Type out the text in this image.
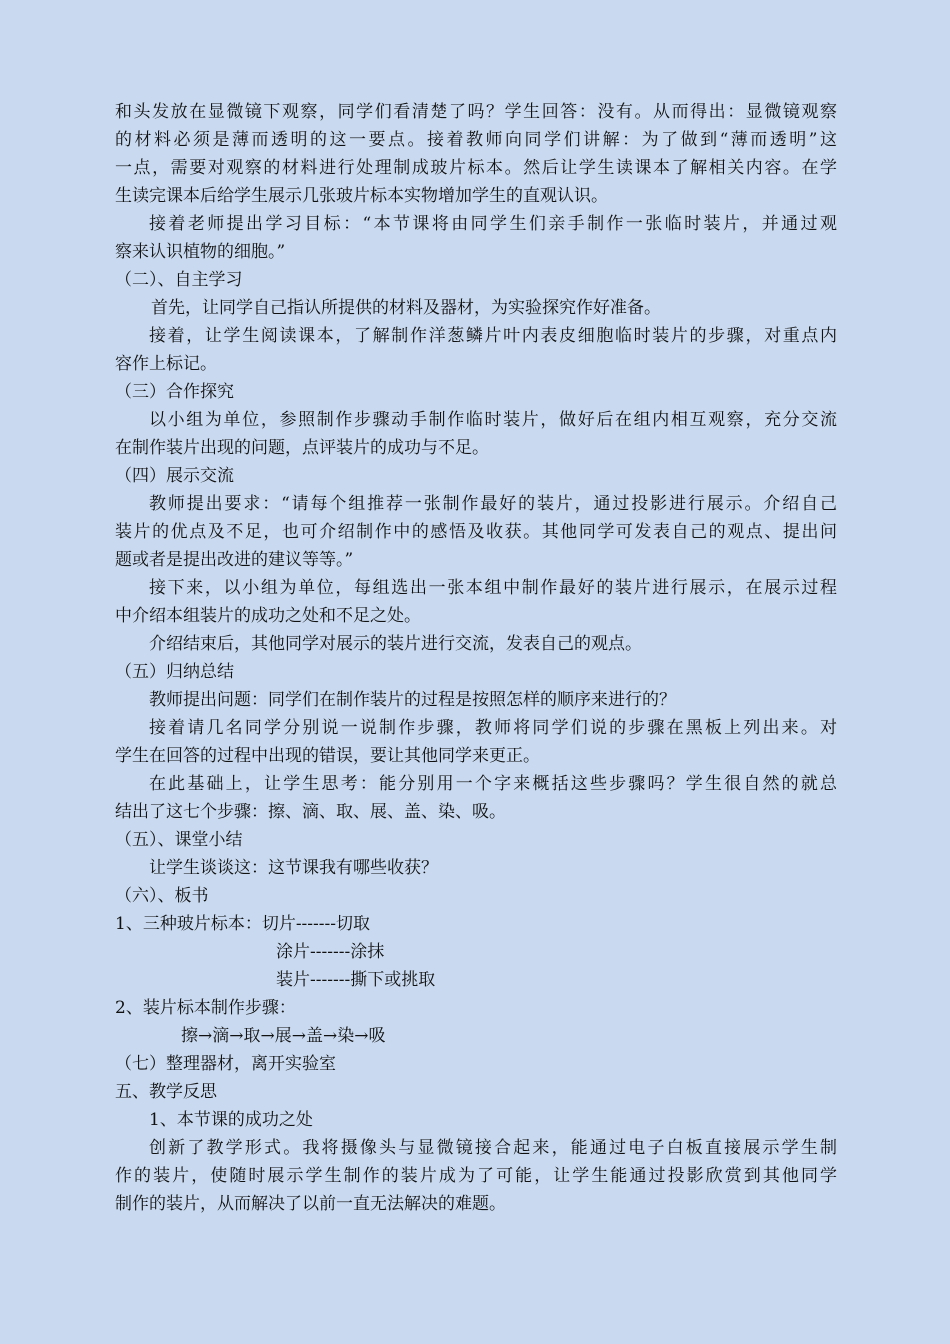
和头发放在显微镜下观察，同学们看清楚了吗？学生回答：没有。从而得出：显微镜观察
的材料必须是薄而透明的这一要点。接着教师向同学们讲解：为了做到“薄而透明”这
一点，需要对观察的材料进行处理制成玻片标本。然后让学生读课本了解相关内容。在学
生读完课本后给学生展示几张玻片标本实物增加学生的直观认识。
接着老师提出学习目标：“本节课将由同学生们亲手制作一张临时装片，并通过观
察来认识植物的细胞。”
（二）、自主学习
首先，让同学自己指认所提供的材料及器材，为实验探究作好准备。
接着，让学生阅读课本，了解制作洋葱鳞片叶内表皮细胞临时装片的步骤，对重点内
容作上标记。
（三）合作探究
以小组为单位，参照制作步骤动手制作临时装片，做好后在组内相互观察，充分交流
在制作装片出现的问题，点评装片的成功与不足。
（四）展示交流
教师提出要求：“请每个组推荐一张制作最好的装片，通过投影进行展示。介绍自己
装片的优点及不足，也可介绍制作中的感悟及收获。其他同学可发表自己的观点、提出问
题或者是提出改进的建议等等。”
接下来，以小组为单位，每组选出一张本组中制作最好的装片进行展示，在展示过程
中介绍本组装片的成功之处和不足之处。
介绍结束后，其他同学对展示的装片进行交流，发表自己的观点。
（五）归纳总结
教师提出问题：同学们在制作装片的过程是按照怎样的顺序来进行的？
接着请几名同学分别说一说制作步骤，教师将同学们说的步骤在黑板上列出来。对
学生在回答的过程中出现的错误，要让其他同学来更正。
在此基础上，让学生思考：能分别用一个字来概括这些步骤吗？学生很自然的就总
结出了这七个步骤：擦、滴、取、展、盖、染、吸。
（五）、课堂小结
让学生谈谈这：这节课我有哪些收获？
（六）、板书
1、三种玻片标本：切片-------切取
涂片-------涂抹
装片-------撕下或挑取
2、装片标本制作步骤：
擦→滴→取→展→盖→染→吸
（七）整理器材，离开实验室
五、教学反思
1、本节课的成功之处
创新了教学形式。我将摄像头与显微镜接合起来，能通过电子白板直接展示学生制
作的装片，使随时展示学生制作的装片成为了可能，让学生能通过投影欣赏到其他同学
制作的装片，从而解决了以前一直无法解决的难题。
